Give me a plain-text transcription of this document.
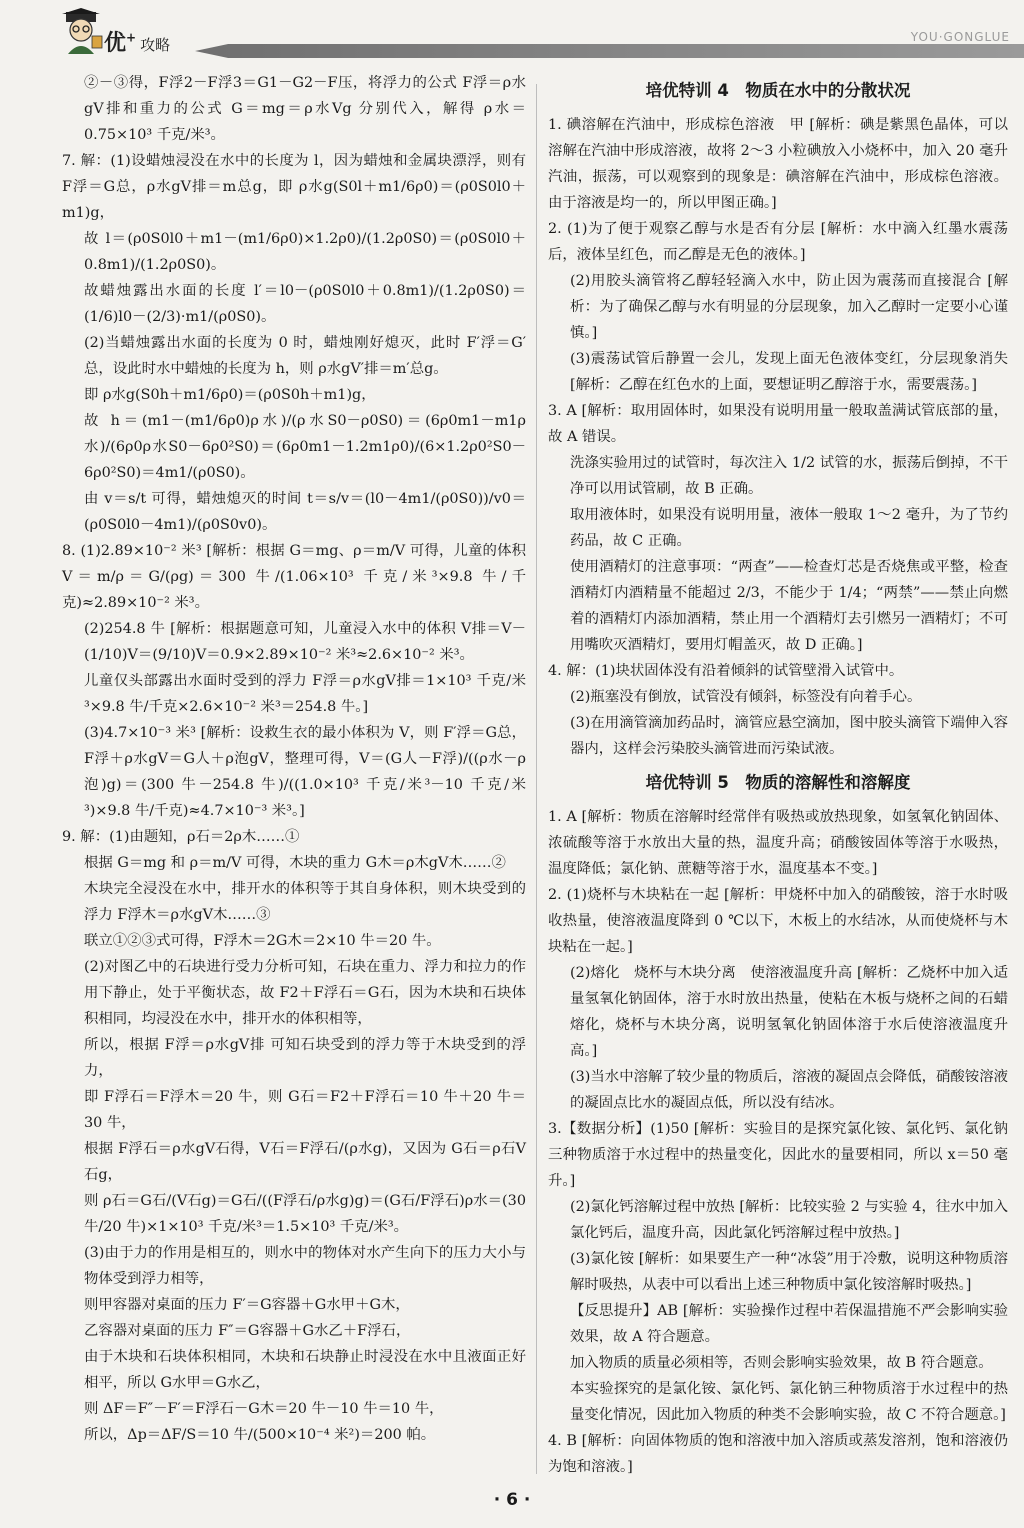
优+ 攻略	YOU·GONGLUE

②－③得，F浮2－F浮3＝G1－G2－F压，将浮力的公式 F浮＝ρ水gV排和重力的公式 G＝mg＝ρ水Vg 分别代入，解得 ρ水＝0.75×10³ 千克/米³。

7. 解：(1)设蜡烛浸没在水中的长度为 l，因为蜡烛和金属块漂浮，则有 F浮＝G总，ρ水gV排＝m总g，即 ρ水g(S0l＋m1/6ρ0)＝(ρ0S0l0＋m1)g，

故 l＝(ρ0S0l0＋m1－(m1/6ρ0)×1.2ρ0)/(1.2ρ0S0)＝(ρ0S0l0＋0.8m1)/(1.2ρ0S0)。

故蜡烛露出水面的长度 l′＝l0－(ρ0S0l0＋0.8m1)/(1.2ρ0S0)＝(1/6)l0－(2/3)·m1/(ρ0S0)。

(2)当蜡烛露出水面的长度为 0 时，蜡烛刚好熄灭，此时 F′浮＝G′总，设此时水中蜡烛的长度为 h，则 ρ水gV′排＝m′总g。

即 ρ水g(S0h＋m1/6ρ0)＝(ρ0S0h＋m1)g，

故 h＝(m1－(m1/6ρ0)ρ水)/(ρ水S0－ρ0S0)＝(6ρ0m1－m1ρ水)/(6ρ0ρ水S0－6ρ0²S0)＝(6ρ0m1－1.2m1ρ0)/(6×1.2ρ0²S0－6ρ0²S0)＝4m1/(ρ0S0)。

由 v＝s/t 可得，蜡烛熄灭的时间 t＝s/v＝(l0－4m1/(ρ0S0))/v0＝(ρ0S0l0－4m1)/(ρ0S0v0)。

8. (1)2.89×10⁻² 米³ [解析：根据 G＝mg、ρ＝m/V 可得，儿童的体积 V＝m/ρ＝G/(ρg)＝300 牛/(1.06×10³ 千克/米³×9.8 牛/千克)≈2.89×10⁻² 米³。

(2)254.8 牛 [解析：根据题意可知，儿童浸入水中的体积 V排＝V－(1/10)V＝(9/10)V＝0.9×2.89×10⁻² 米³≈2.6×10⁻² 米³。

儿童仅头部露出水面时受到的浮力 F浮＝ρ水gV排＝1×10³ 千克/米³×9.8 牛/千克×2.6×10⁻² 米³＝254.8 牛。]

(3)4.7×10⁻³ 米³ [解析：设救生衣的最小体积为 V，则 F′浮＝G总，F浮＋ρ水gV＝G人＋ρ泡gV，整理可得，V＝(G人－F浮)/((ρ水－ρ泡)g)＝(300 牛－254.8 牛)/((1.0×10³ 千克/米³－10 千克/米³)×9.8 牛/千克)≈4.7×10⁻³ 米³。]

9. 解：(1)由题知，ρ石＝2ρ木……①

根据 G＝mg 和 ρ＝m/V 可得，木块的重力 G木＝ρ木gV木……②

木块完全浸没在水中，排开水的体积等于其自身体积，则木块受到的浮力 F浮木＝ρ水gV木……③

联立①②③式可得，F浮木＝2G木＝2×10 牛＝20 牛。

(2)对图乙中的石块进行受力分析可知，石块在重力、浮力和拉力的作用下静止，处于平衡状态，故 F2＋F浮石＝G石，因为木块和石块体积相同，均浸没在水中，排开水的体积相等，

所以，根据 F浮＝ρ水gV排 可知石块受到的浮力等于木块受到的浮力，

即 F浮石＝F浮木＝20 牛，则 G石＝F2＋F浮石＝10 牛＋20 牛＝30 牛，

根据 F浮石＝ρ水gV石得，V石＝F浮石/(ρ水g)，又因为 G石＝ρ石V石g，

则 ρ石＝G石/(V石g)＝G石/((F浮石/ρ水g)g)＝(G石/F浮石)ρ水＝(30 牛/20 牛)×1×10³ 千克/米³＝1.5×10³ 千克/米³。

(3)由于力的作用是相互的，则水中的物体对水产生向下的压力大小与物体受到浮力相等，

则甲容器对桌面的压力 F′＝G容器＋G水甲＋G木，

乙容器对桌面的压力 F″＝G容器＋G水乙＋F浮石，

由于木块和石块体积相同，木块和石块静止时浸没在水中且液面正好相平，所以 G水甲＝G水乙，

则 ΔF＝F″－F′＝F浮石－G木＝20 牛－10 牛＝10 牛，

所以，Δp＝ΔF/S＝10 牛/(500×10⁻⁴ 米²)＝200 帕。

培优特训 4　物质在水中的分散状况

1. 碘溶解在汽油中，形成棕色溶液　甲 [解析：碘是紫黑色晶体，可以溶解在汽油中形成溶液，故将 2～3 小粒碘放入小烧杯中，加入 20 毫升汽油，振荡，可以观察到的现象是：碘溶解在汽油中，形成棕色溶液。由于溶液是均一的，所以甲图正确。]

2. (1)为了便于观察乙醇与水是否有分层 [解析：水中滴入红墨水震荡后，液体呈红色，而乙醇是无色的液体。]

(2)用胶头滴管将乙醇轻轻滴入水中，防止因为震荡而直接混合 [解析：为了确保乙醇与水有明显的分层现象，加入乙醇时一定要小心谨慎。]

(3)震荡试管后静置一会儿，发现上面无色液体变红，分层现象消失 [解析：乙醇在红色水的上面，要想证明乙醇溶于水，需要震荡。]

3. A [解析：取用固体时，如果没有说明用量一般取盖满试管底部的量，故 A 错误。

洗涤实验用过的试管时，每次注入 1/2 试管的水，振荡后倒掉，不干净可以用试管刷，故 B 正确。

取用液体时，如果没有说明用量，液体一般取 1～2 毫升，为了节约药品，故 C 正确。

使用酒精灯的注意事项：“两查”——检查灯芯是否烧焦或平整，检查酒精灯内酒精量不能超过 2/3，不能少于 1/4；“两禁”——禁止向燃着的酒精灯内添加酒精，禁止用一个酒精灯去引燃另一酒精灯；不可用嘴吹灭酒精灯，要用灯帽盖灭，故 D 正确。]

4. 解：(1)块状固体没有沿着倾斜的试管壁滑入试管中。

(2)瓶塞没有倒放，试管没有倾斜，标签没有向着手心。

(3)在用滴管滴加药品时，滴管应悬空滴加，图中胶头滴管下端伸入容器内，这样会污染胶头滴管进而污染试液。

培优特训 5　物质的溶解性和溶解度

1. A [解析：物质在溶解时经常伴有吸热或放热现象，如氢氧化钠固体、浓硫酸等溶于水放出大量的热，温度升高；硝酸铵固体等溶于水吸热，温度降低；氯化钠、蔗糖等溶于水，温度基本不变。]

2. (1)烧杯与木块粘在一起 [解析：甲烧杯中加入的硝酸铵，溶于水时吸收热量，使溶液温度降到 0 ℃以下，木板上的水结冰，从而使烧杯与木块粘在一起。]

(2)熔化　烧杯与木块分离　使溶液温度升高 [解析：乙烧杯中加入适量氢氧化钠固体，溶于水时放出热量，使粘在木板与烧杯之间的石蜡熔化，烧杯与木块分离，说明氢氧化钠固体溶于水后使溶液温度升高。]

(3)当水中溶解了较少量的物质后，溶液的凝固点会降低，硝酸铵溶液的凝固点比水的凝固点低，所以没有结冰。

3.【数据分析】(1)50 [解析：实验目的是探究氯化铵、氯化钙、氯化钠三种物质溶于水过程中的热量变化，因此水的量要相同，所以 x＝50 毫升。]

(2)氯化钙溶解过程中放热 [解析：比较实验 2 与实验 4，往水中加入氯化钙后，温度升高，因此氯化钙溶解过程中放热。]

(3)氯化铵 [解析：如果要生产一种“冰袋”用于冷敷，说明这种物质溶解时吸热，从表中可以看出上述三种物质中氯化铵溶解时吸热。]

【反思提升】AB [解析：实验操作过程中若保温措施不严会影响实验效果，故 A 符合题意。

加入物质的质量必须相等，否则会影响实验效果，故 B 符合题意。

本实验探究的是氯化铵、氯化钙、氯化钠三种物质溶于水过程中的热量变化情况，因此加入物质的种类不会影响实验，故 C 不符合题意。]

4. B [解析：向固体物质的饱和溶液中加入溶质或蒸发溶剂，饱和溶液仍为饱和溶液。]

· 6 ·
